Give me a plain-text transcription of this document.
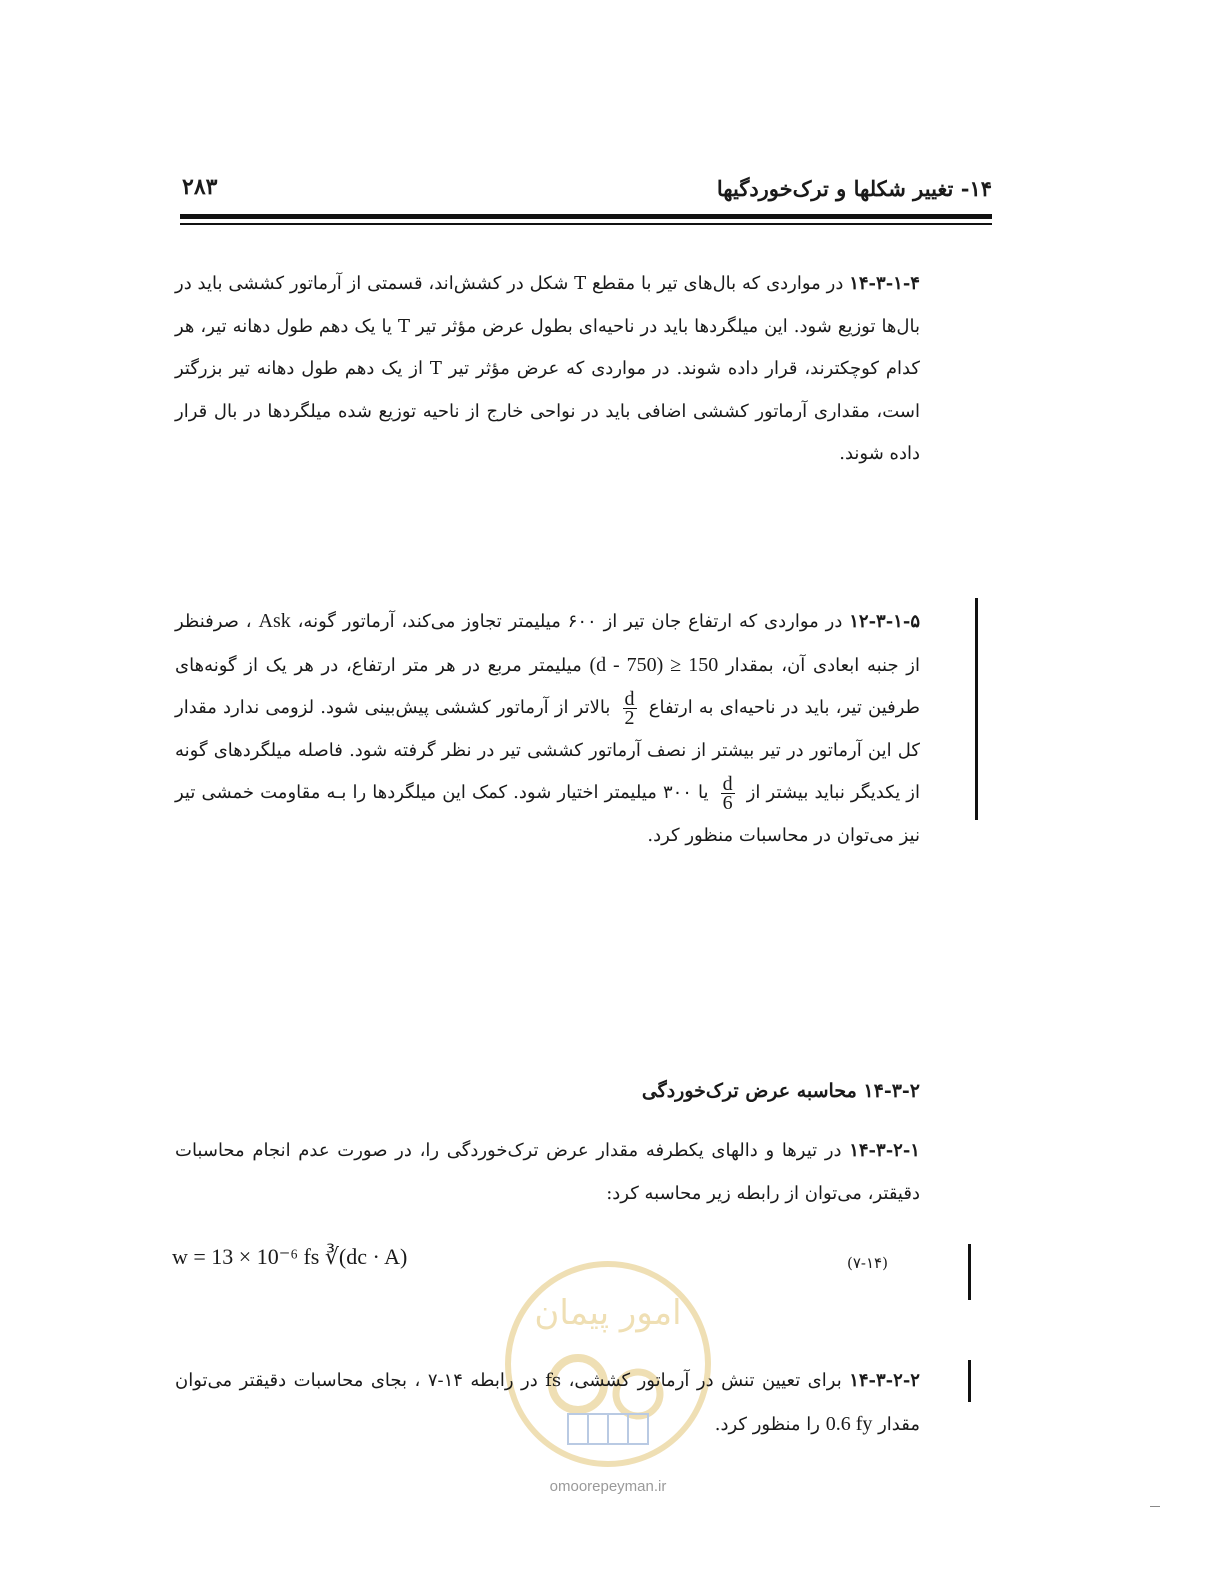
۱۴- تغییر شکلها و ترک‌خوردگیها
۲۸۳
۱۴-۳-۱-۴ در مواردی که بال‌های تیر با مقطع T شکل در کشش‌اند، قسمتی از آرماتور کششی باید در بال‌ها توزیع شود. این میلگردها باید در ناحیه‌ای بطول عرض مؤثر تیر T یا یک دهم طول دهانه تیر، هر کدام کوچکترند، قرار داده شوند. در مواردی که عرض مؤثر تیر T از یک دهم طول دهانه تیر بزرگتر است، مقداری آرماتور کششی اضافی باید در نواحی خارج از ناحیه توزیع شده میلگردها در بال قرار داده شوند.
۱۲-۳-۱-۵ در مواردی که ارتفاع جان تیر از ۶۰۰ میلیمتر تجاوز می‌کند، آرماتور گونه، Ask ، صرفنظر از جنبه ابعادی آن، بمقدار (d - 750) ≥ 150 میلیمتر مربع در هر متر ارتفاع، در هر یک از گونه‌های طرفین تیر، باید در ناحیه‌ای به ارتفاع
$\frac{d}{2}$
بالاتر از آرماتور کششی پیش‌بینی شود. لزومی ندارد مقدار کل این آرماتور در تیر بیشتر از نصف آرماتور کششی تیر در نظر گرفته شود. فاصله میلگردهای گونه از یکدیگر نباید بیشتر از
$\frac{d}{6}$
یا ۳۰۰ میلیمتر اختیار شود. کمک این میلگردها را بـه مقاومت خمشی تیر نیز می‌توان در محاسبات منظور کرد.
۱۴-۳-۲ محاسبه عرض ترک‌خوردگی
۱۴-۳-۲-۱ در تیرها و دالهای یکطرفه مقدار عرض ترک‌خوردگی را، در صورت عدم انجام محاسبات دقیقتر، می‌توان از رابطه زیر محاسبه کرد:
w = 13 × 10⁻⁶ fs ∛(dc · A)	(۷-۱۴)
امور پیمان
۱۴-۳-۲-۲ برای تعیین تنش در آرماتور کششی، fs در رابطه ۱۴-۷ ، بجای محاسبات دقیقتر می‌توان مقدار 0.6 fy را منظور کرد.
omoorepeyman.ir
